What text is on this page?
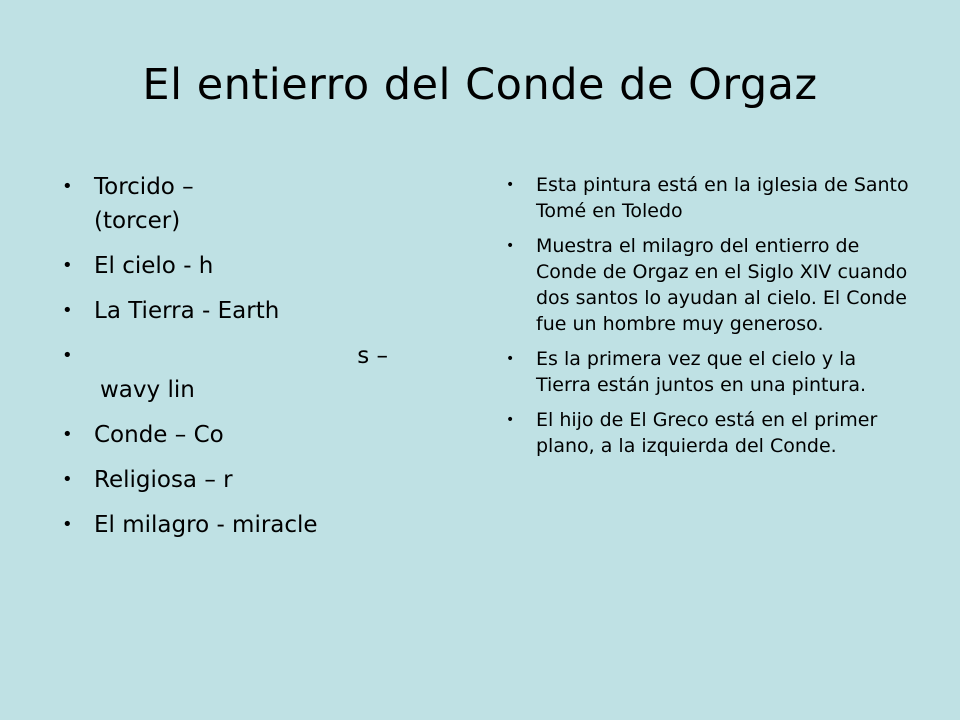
El entierro del Conde de Orgaz
• Torcido –
(torcer)
• El cielo - h
• La Tierra - Earth
•	s –
wavy lin
• Conde – Co
• Religiosa – r
• El milagro - miracle
• Esta pintura está en la iglesia de Santo Tomé en Toledo
• Muestra el milagro del entierro de Conde de Orgaz en el Siglo XIV cuando dos santos lo ayudan al cielo. El Conde fue un hombre muy generoso.
• Es la primera vez que el cielo y la Tierra están juntos en una pintura.
• El hijo de El Greco está en el primer plano, a la izquierda del Conde.
